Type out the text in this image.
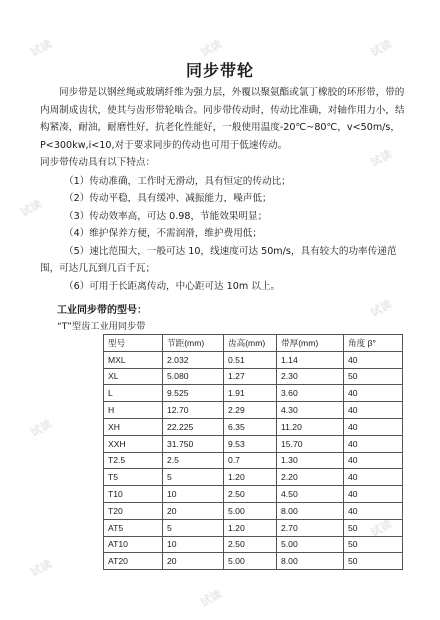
试读	试读	试读
试读
试读
试读
试读
试读
试读
试读
同步带轮

同步带是以钢丝绳或玻璃纤维为强力层，外覆以聚氨酯或氯丁橡胶的环形带，带的内周制成齿状，使其与齿形带轮啮合。同步带传动时，传动比准确，对轴作用力小，结构紧凑，耐油，耐磨性好，抗老化性能好，一般使用温度-20℃~80℃，v<50m/s，P<300kw,i<10,对于要求同步的传动也可用于低速传动。

同步带传动具有以下特点：

（1）传动准确，工作时无滑动，具有恒定的传动比；

（2）传动平稳，具有缓冲、减振能力，噪声低；

（3）传动效率高，可达 0.98，节能效果明显；

（4）维护保养方便，不需润滑，维护费用低；

（5）速比范围大，一般可达 10，线速度可达 50m/s，具有较大的功率传递范围，可达几瓦到几百千瓦；

（6）可用于长距离传动，中心距可达 10m 以上。

工业同步带的型号：
“T”型齿工业用同步带
型号	节距(mm)	齿高(mm)	带厚(mm)	角度 β°
MXL	2.032	0.51	1.14	40
XL	5.080	1.27	2.30	50
L	9.525	1.91	3.60	40
H	12.70	2.29	4.30	40
XH	22.225	6.35	11.20	40
XXH	31.750	9.53	15.70	40
T2.5	2.5	0.7	1.30	40
T5	5	1.20	2.20	40
T10	10	2.50	4.50	40
T20	20	5.00	8.00	40
AT5	5	1.20	2.70	50
AT10	10	2.50	5.00	50
AT20	20	5.00	8.00	50
